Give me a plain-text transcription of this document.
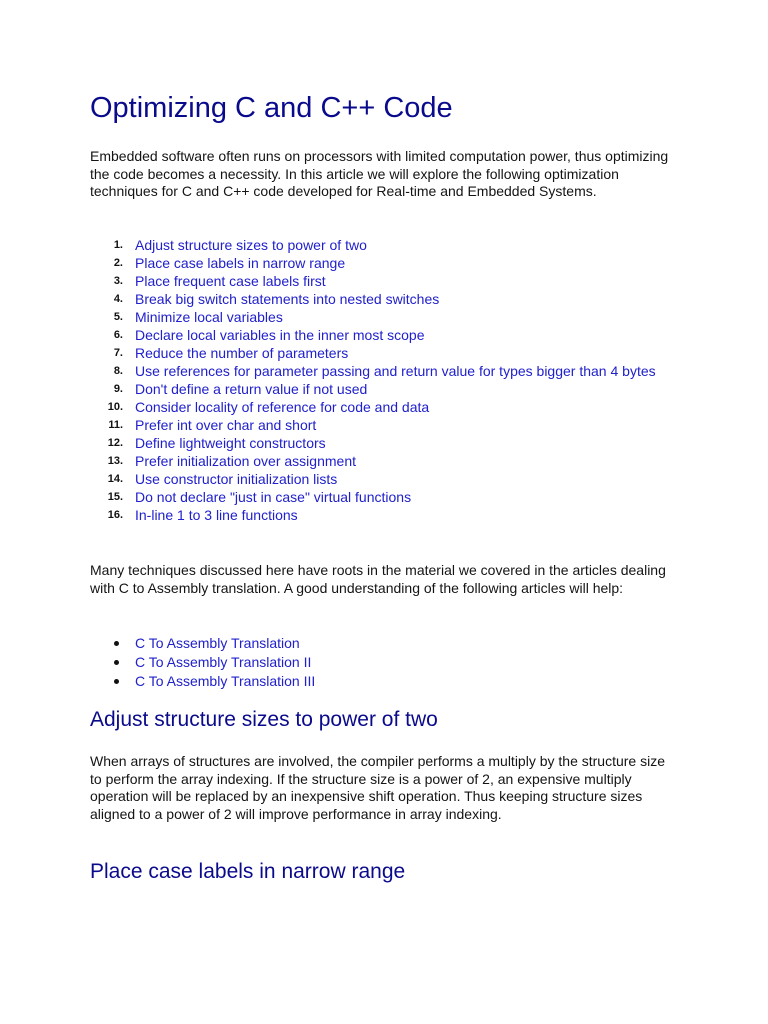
Optimizing C and C++ Code

Embedded software often runs on processors with limited computation power, thus optimizing the code becomes a necessity. In this article we will explore the following optimization techniques for C and C++ code developed for Real-time and Embedded Systems.

1. Adjust structure sizes to power of two
2. Place case labels in narrow range
3. Place frequent case labels first
4. Break big switch statements into nested switches
5. Minimize local variables
6. Declare local variables in the inner most scope
7. Reduce the number of parameters
8. Use references for parameter passing and return value for types bigger than 4 bytes
9. Don't define a return value if not used
10. Consider locality of reference for code and data
11. Prefer int over char and short
12. Define lightweight constructors
13. Prefer initialization over assignment
14. Use constructor initialization lists
15. Do not declare "just in case" virtual functions
16. In-line 1 to 3 line functions

Many techniques discussed here have roots in the material we covered in the articles dealing with C to Assembly translation. A good understanding of the following articles will help:

C To Assembly Translation
C To Assembly Translation II
C To Assembly Translation III
Adjust structure sizes to power of two

When arrays of structures are involved, the compiler performs a multiply by the structure size to perform the array indexing. If the structure size is a power of 2, an expensive multiply operation will be replaced by an inexpensive shift operation. Thus keeping structure sizes aligned to a power of 2 will improve performance in array indexing.

Place case labels in narrow range
